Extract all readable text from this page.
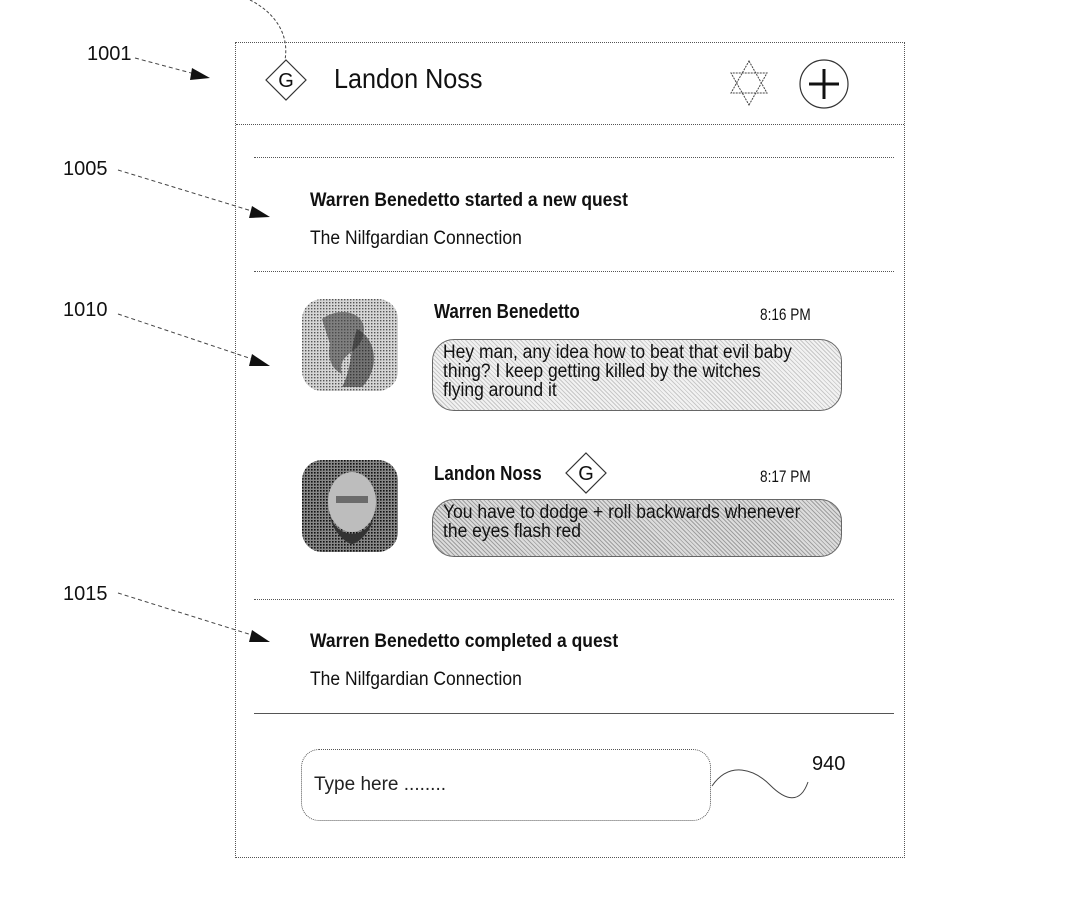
1001
1005
1010
1015
940
G Landon Noss
Warren Benedetto started a new quest
The Nilfgardian Connection
Warren Benedetto	8:16 PM
Hey man, any idea how to beat that evil baby
thing? I keep getting killed by the witches
flying around it
Landon Noss G	8:17 PM
You have to dodge + roll backwards whenever
the eyes flash red
Warren Benedetto completed a quest
The Nilfgardian Connection
Type here ........
